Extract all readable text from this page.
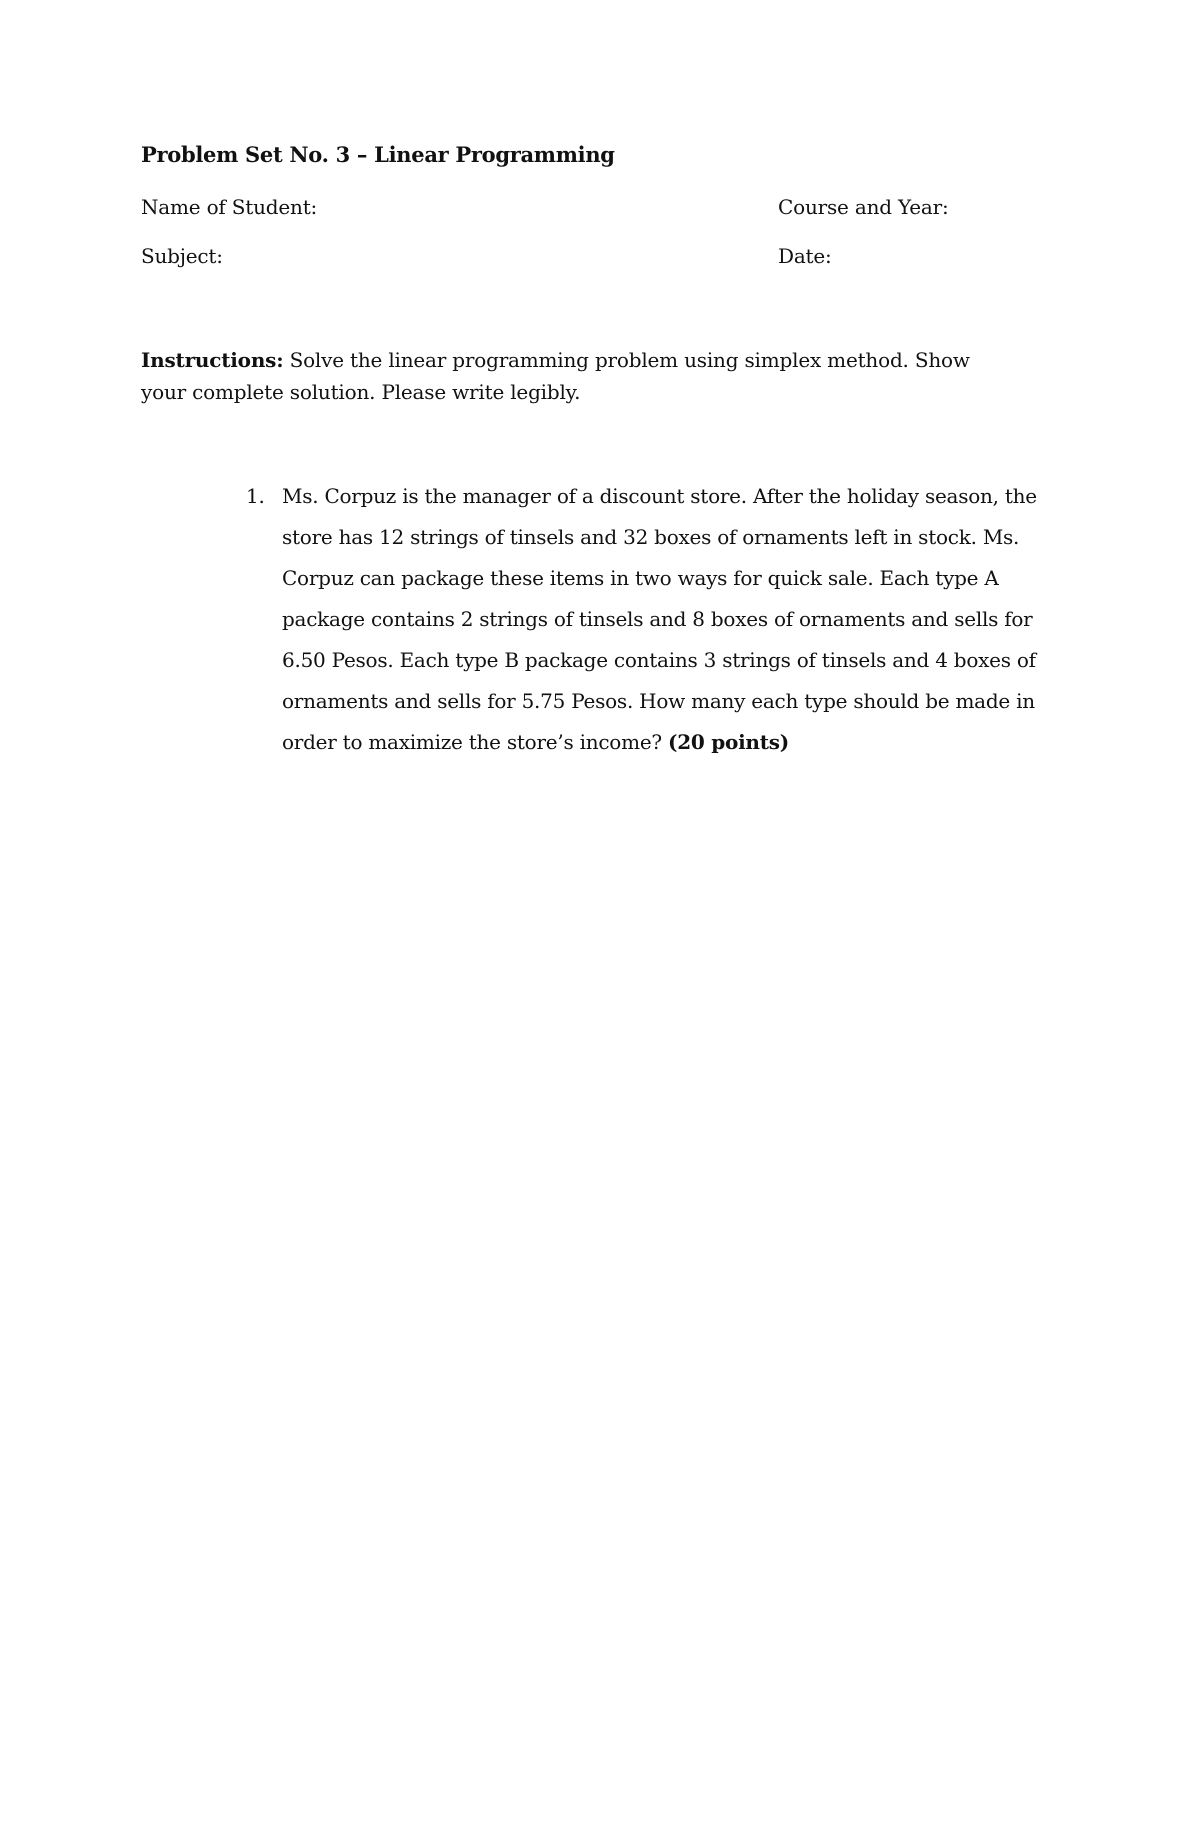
Problem Set No. 3 – Linear Programming
Name of Student:	Course and Year:
Subject:	Date:
Instructions: Solve the linear programming problem using simplex method. Show your complete solution. Please write legibly.
1. Ms. Corpuz is the manager of a discount store. After the holiday season, the store has 12 strings of tinsels and 32 boxes of ornaments left in stock. Ms. Corpuz can package these items in two ways for quick sale. Each type A package contains 2 strings of tinsels and 8 boxes of ornaments and sells for 6.50 Pesos. Each type B package contains 3 strings of tinsels and 4 boxes of ornaments and sells for 5.75 Pesos. How many each type should be made in order to maximize the store’s income? (20 points)
